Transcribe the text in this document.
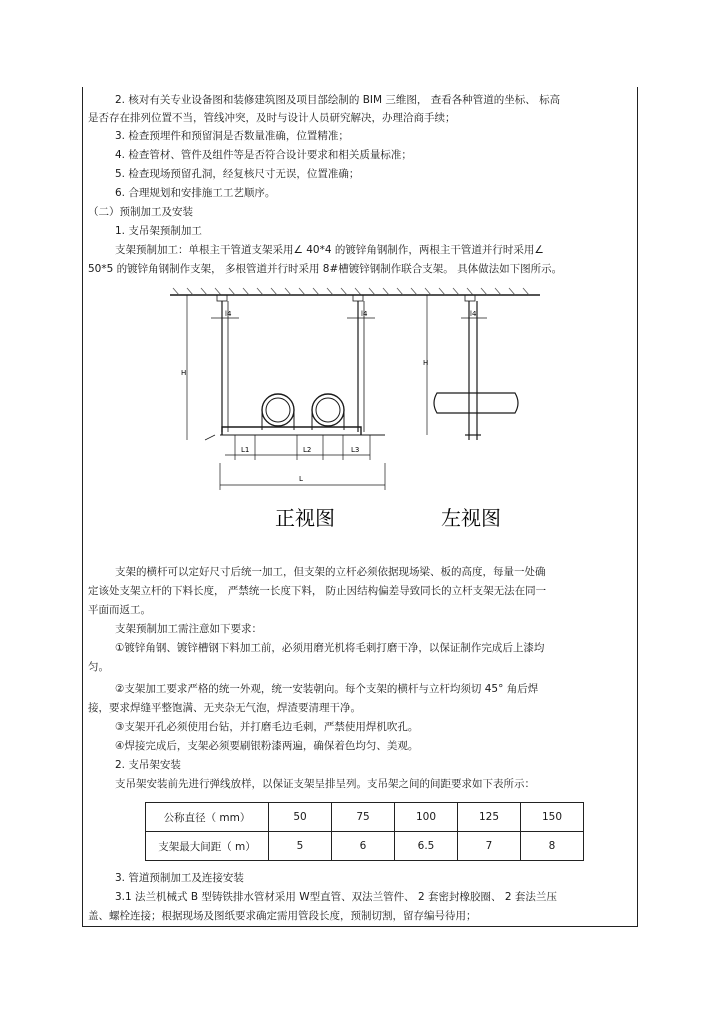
2. 核对有关专业设备图和装修建筑图及项目部绘制的 BIM 三维图， 查看各种管道的坐标、 标高
是否存在排列位置不当，管线冲突，及时与设计人员研究解决，办理洽商手续；
3. 检查预埋件和预留洞是否数量准确，位置精准；
4. 检查管材、管件及组件等是否符合设计要求和相关质量标准；
5. 检查现场预留孔洞，经复核尺寸无误，位置准确；
6. 合理规划和安排施工工艺顺序。
（二）预制加工及安装
1. 支吊架预制加工
支架预制加工：单根主干管道支架采用∠ 40*4 的镀锌角钢制作，两根主干管道并行时采用∠
50*5 的镀锌角钢制作支架， 多根管道并行时采用 8#槽镀锌钢制作联合支架。 具体做法如下图所示。
l4	l4
H
L1	L2	L3
L
H
l4
正视图	左视图
支架的横杆可以定好尺寸后统一加工，但支架的立杆必须依据现场梁、板的高度，每量一处确
定该处支架立杆的下料长度， 严禁统一长度下料， 防止因结构偏差导致同长的立杆支架无法在同一
平面而返工。
支架预制加工需注意如下要求：
①镀锌角钢、镀锌槽钢下料加工前，必须用磨光机将毛刺打磨干净，以保证制作完成后上漆均
匀。
②支架加工要求严格的统一外观，统一安装朝向。每个支架的横杆与立杆均须切 45° 角后焊
接，要求焊缝平整饱满、无夹杂无气泡，焊渣要清理干净。
③支架开孔必须使用台钻，并打磨毛边毛刺，严禁使用焊机吹孔。
④焊接完成后，支架必须要刷银粉漆两遍，确保着色均匀、美观。
2. 支吊架安装
支吊架安装前先进行弹线放样，以保证支架呈排呈列。支吊架之间的间距要求如下表所示：
公称直径（ mm）	50	75	100	125	150
支架最大间距（ m）	5	6	6.5	7	8
3. 管道预制加工及连接安装
3.1 法兰机械式 B 型铸铁排水管材采用 W型直管、双法兰管件、 2 套密封橡胶圈、 2 套法兰压
盖、螺栓连接；根据现场及图纸要求确定需用管段长度，预制切割，留存编号待用；
